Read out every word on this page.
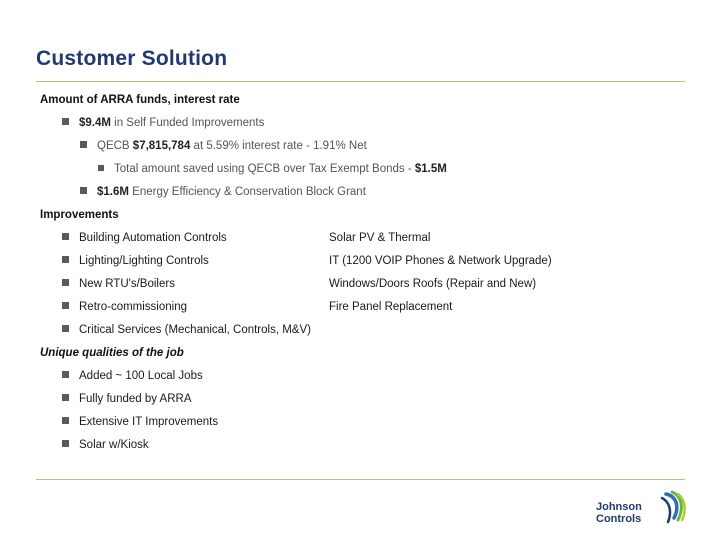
Customer Solution
Amount of ARRA funds, interest rate
$9.4M in Self Funded Improvements
QECB $7,815,784 at 5.59% interest rate - 1.91% Net
Total amount saved using QECB over Tax Exempt Bonds - $1.5M
$1.6M Energy Efficiency & Conservation Block Grant
Improvements
Building Automation Controls
Lighting/Lighting Controls
New RTU's/Boilers
Retro-commissioning
Critical Services (Mechanical, Controls, M&V)
Solar PV & Thermal
IT (1200 VOIP Phones & Network Upgrade)
Windows/Doors Roofs (Repair and New)
Fire Panel Replacement
Unique qualities of the job
Added ~ 100 Local Jobs
Fully funded by ARRA
Extensive IT Improvements
Solar w/Kiosk
Johnson
Controls
